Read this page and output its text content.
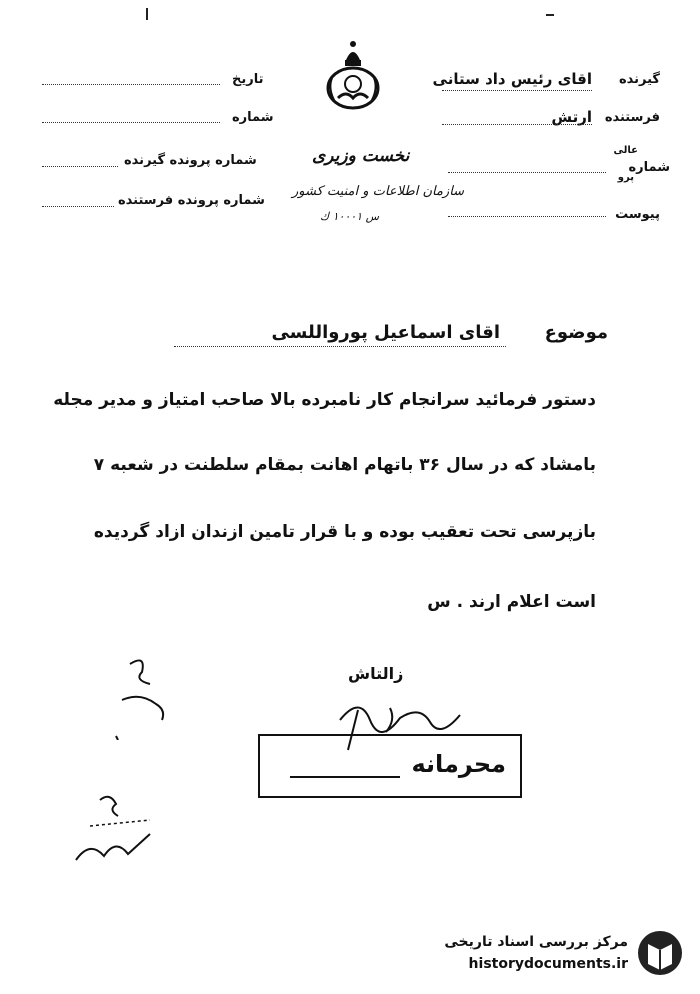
گیرنده
اقای رئیس داد ستانی
فرستنده
ارتش
شماره
عالی
پرو
پیوست
تاریخ
شماره
شماره پرونده گیرنده
شماره پرونده فرستنده
نخست وزیری
سازمان اطلاعات و امنیت کشور
س ۱۰۰۰۱ ك
موضوع
اقای اسماعیل پورواللسی
دستور فرمائید سرانجام کار نامبرده بالا صاحب امتیاز و مدیر مجله
بامشاد که در سال ۳۶ باتهام اهانت بمقام سلطنت در شعبه ۷
بازپرسی تحت تعقیب بوده و با قرار تامین ازندان ازاد گردیده
است اعلام ارند . س
زالتاش
محرمانه
مرکز بررسی اسناد تاریخی
historydocuments.ir
